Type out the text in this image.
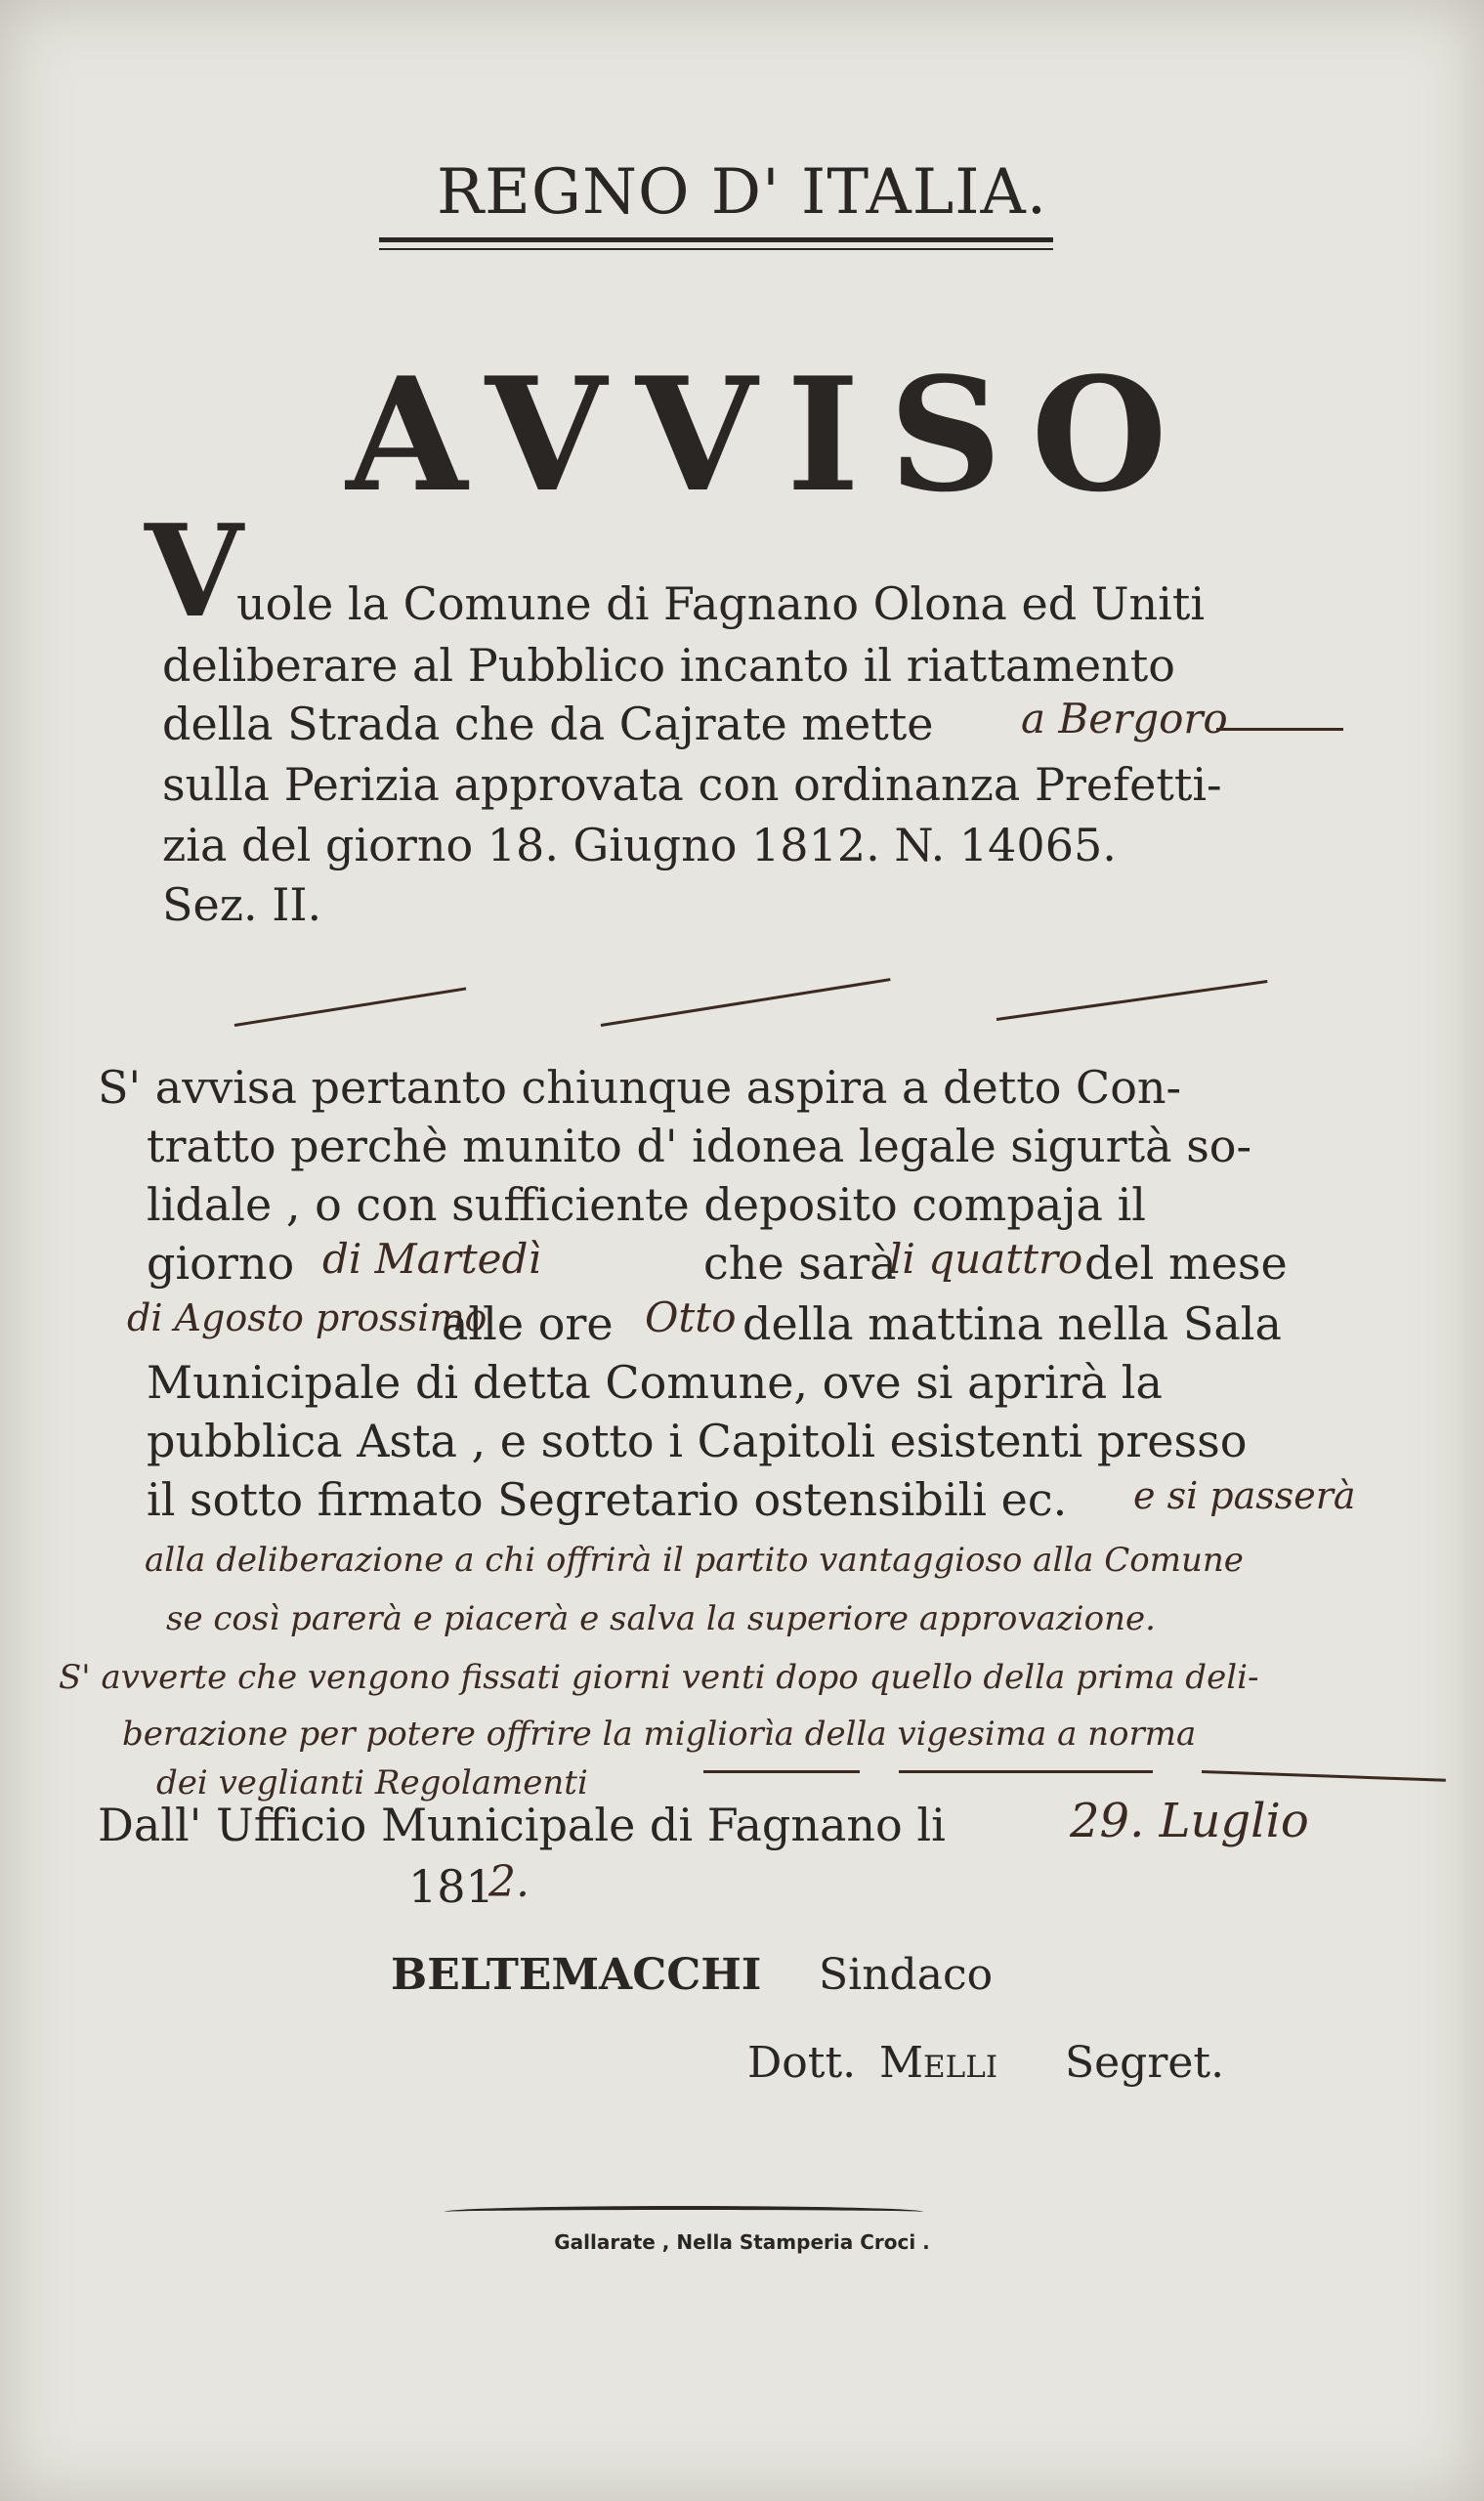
REGNO D' ITALIA.
AVVISO
V
uole la Comune di Fagnano Olona ed Uniti
deliberare al Pubblico incanto il riattamento
della Strada che da Cajrate mette a Bergoro
sulla Perizia approvata con ordinanza Prefetti-
zia del giorno 18. Giugno 1812. N. 14065.
Sez. II.
S' avvisa pertanto chiunque aspira a detto Con-
tratto perchè munito d' idonea legale sigurtà so-
lidale , o con sufficiente deposito compaja il
giorno di Martedì	che sarà
li quattro del mese
di Agosto prossimo
alle ore Otto della mattina nella Sala
Municipale di detta Comune, ove si aprirà la
pubblica Asta , e sotto i Capitoli esistenti presso
il sotto firmato Segretario ostensibili ec. e si passerà
alla deliberazione a chi offrirà il partito vantaggioso alla Comune
se così parerà e piacerà e salva la superiore approvazione.
S' avverte che vengono fissati giorni venti dopo quello della prima deli-
berazione per potere offrire la migliorìa della vigesima a norma
dei veglianti Regolamenti
Dall' Ufficio Municipale di Fagnano li	29. Luglio
181
2.
BELTEMACCHI Sindaco
Dott. Melli Segret.
Gallarate , Nella Stamperia Croci .
